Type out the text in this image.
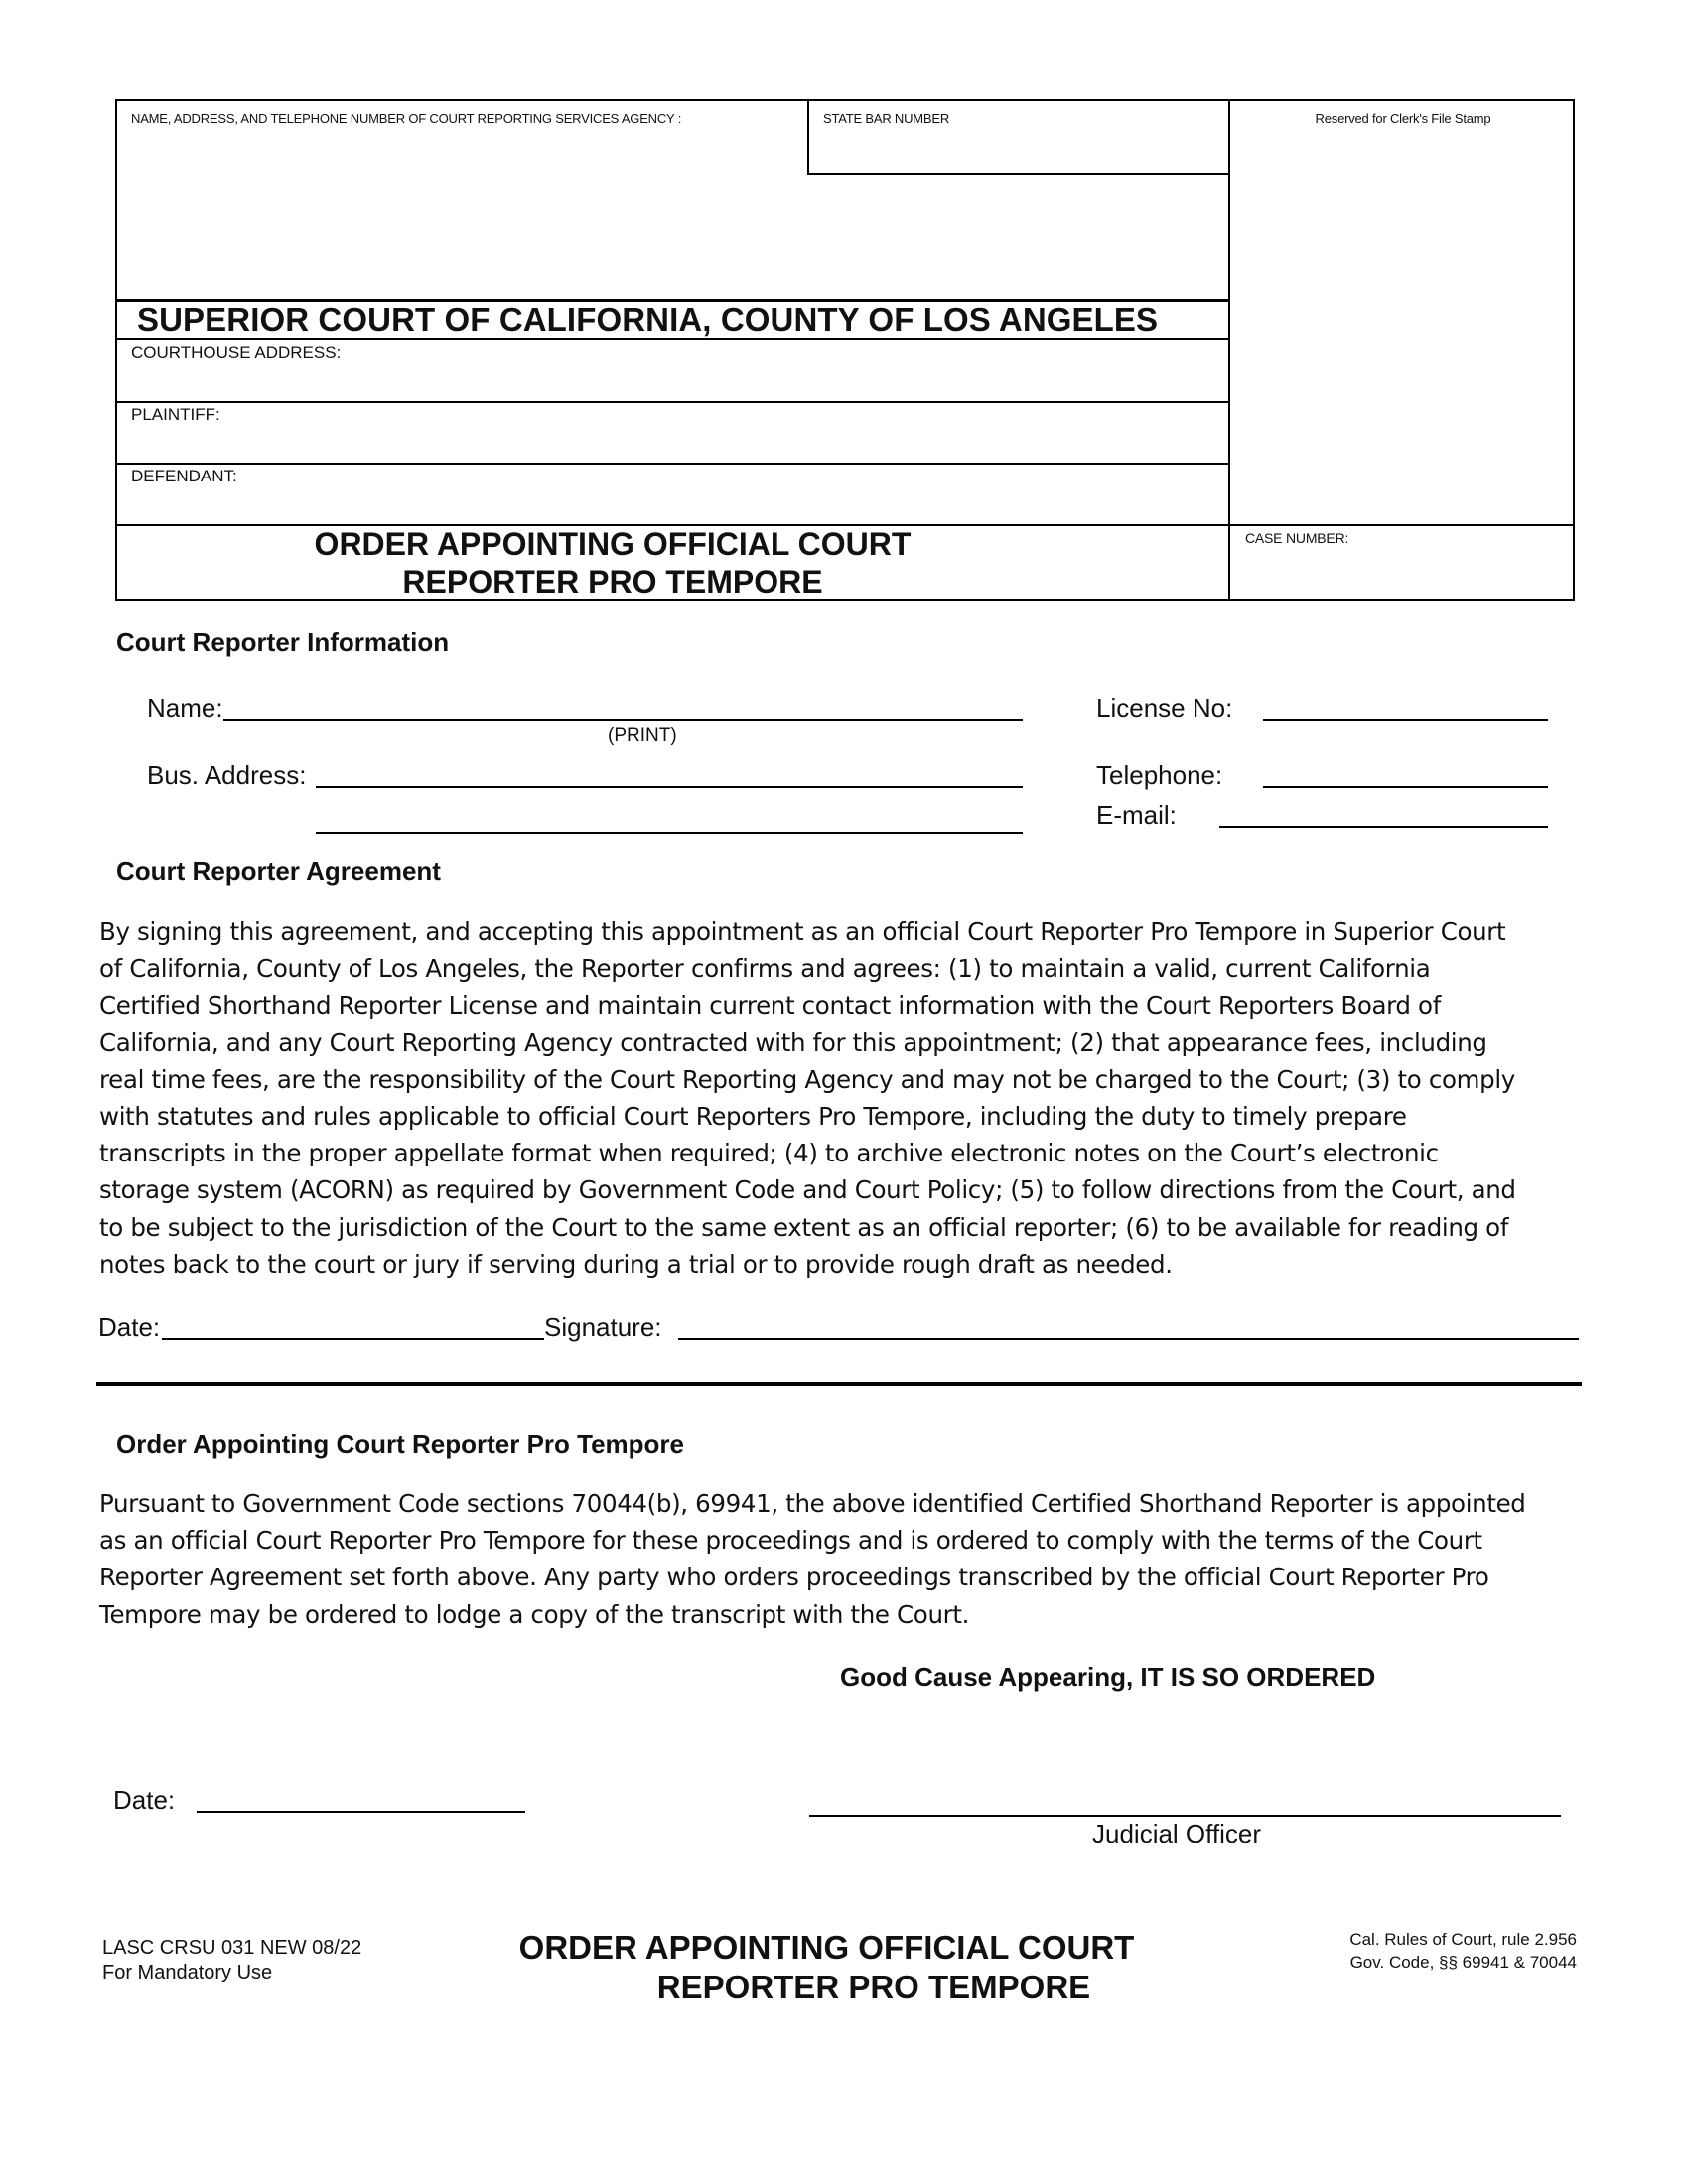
NAME, ADDRESS, AND TELEPHONE NUMBER OF COURT REPORTING SERVICES AGENCY :	STATE BAR NUMBER	Reserved for Clerk's File Stamp
SUPERIOR COURT OF CALIFORNIA, COUNTY OF LOS ANGELES
COURTHOUSE ADDRESS:
PLAINTIFF:
DEFENDANT:
ORDER APPOINTING OFFICIAL COURT
REPORTER PRO TEMPORE
CASE NUMBER:
Court Reporter Information
Name:
(PRINT)
Bus. Address:
License No:
Telephone:
E-mail:
Court Reporter Agreement
By signing this agreement, and accepting this appointment as an official Court Reporter Pro Tempore in Superior Court
of California, County of Los Angeles, the Reporter confirms and agrees: (1) to maintain a valid, current California
Certified Shorthand Reporter License and maintain current contact information with the Court Reporters Board of
California, and any Court Reporting Agency contracted with for this appointment; (2) that appearance fees, including
real time fees, are the responsibility of the Court Reporting Agency and may not be charged to the Court; (3) to comply
with statutes and rules applicable to official Court Reporters Pro Tempore, including the duty to timely prepare
transcripts in the proper appellate format when required; (4) to archive electronic notes on the Court’s electronic
storage system (ACORN) as required by Government Code and Court Policy; (5) to follow directions from the Court, and
to be subject to the jurisdiction of the Court to the same extent as an official reporter; (6) to be available for reading of
notes back to the court or jury if serving during a trial or to provide rough draft as needed.
Date:	Signature:
Order Appointing Court Reporter Pro Tempore
Pursuant to Government Code sections 70044(b), 69941, the above identified Certified Shorthand Reporter is appointed
as an official Court Reporter Pro Tempore for these proceedings and is ordered to comply with the terms of the Court
Reporter Agreement set forth above. Any party who orders proceedings transcribed by the official Court Reporter Pro
Tempore may be ordered to lodge a copy of the transcript with the Court.
Good Cause Appearing, IT IS SO ORDERED
Date:
Judicial Officer
LASC CRSU 031 NEW 08/22
For Mandatory Use
ORDER APPOINTING OFFICIAL COURT
REPORTER PRO TEMPORE
Cal. Rules of Court, rule 2.956
Gov. Code, §§ 69941 & 70044
